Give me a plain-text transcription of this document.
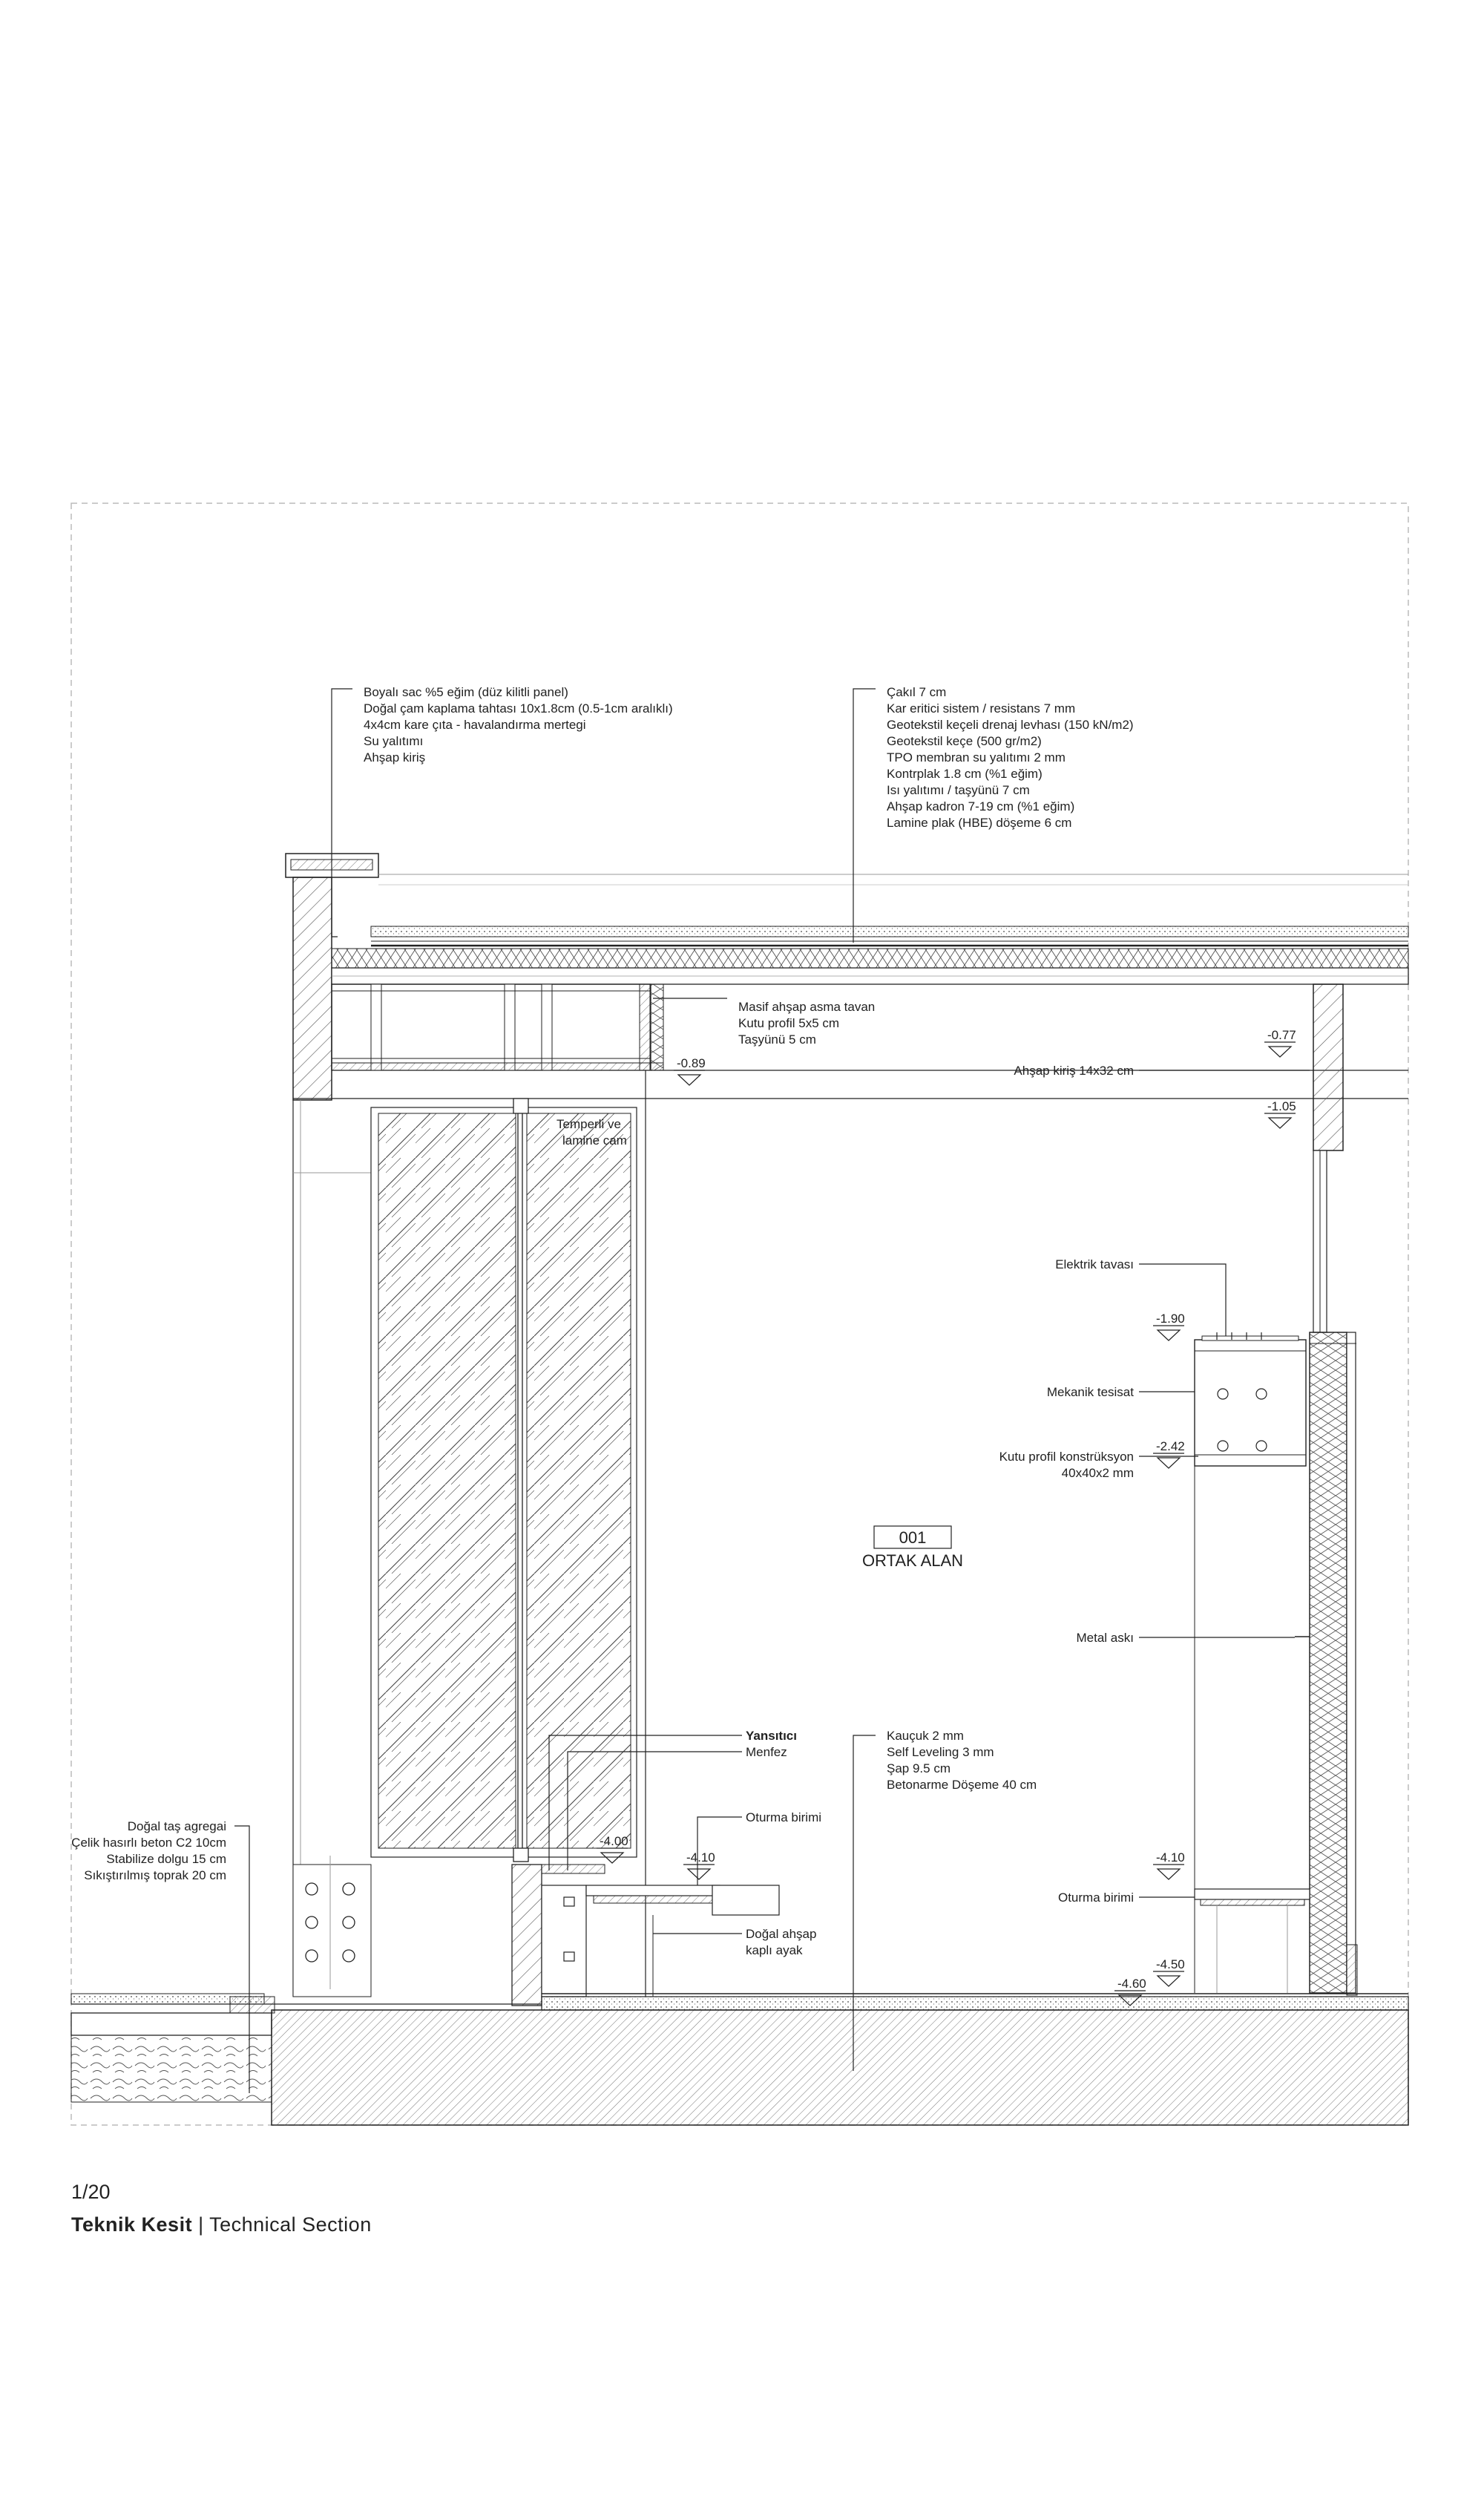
Boyalı sac %5 eğim (düz kilitli panel)
Doğal çam kaplama tahtası 10x1.8cm (0.5-1cm aralıklı)
4x4cm kare çıta - havalandırma mertegi
Su yalıtımı
Ahşap kiriş
Çakıl 7 cm
Kar eritici sistem / resistans 7 mm
Geotekstil keçeli drenaj levhası (150 kN/m2)
Geotekstil keçe (500 gr/m2)
TPO membran su yalıtımı 2 mm
Kontrplak 1.8 cm (%1 eğim)
Isı yalıtımı / taşyünü 7 cm
Ahşap kadron 7-19 cm (%1 eğim)
Lamine plak (HBE) döşeme 6 cm
Masif ahşap asma tavan
Kutu profil 5x5 cm
Taşyünü 5 cm
Ahşap kiriş 14x32 cm
Temperli ve
lamine cam
Elektrik tavası
Mekanik tesisat
Kutu profil konstrüksyon
40x40x2 mm
Metal askı
Yansıtıcı
Menfez
Kauçuk 2 mm
Self Leveling 3 mm
Şap 9.5 cm
Betonarme Döşeme 40 cm
Oturma birimi
Oturma birimi
Doğal ahşap
kaplı ayak
Doğal taş agregai
Çelik hasırlı beton C2 10cm
Stabilize dolgu 15 cm
Sıkıştırılmış toprak 20 cm
-0.89
-0.77
-1.05
-1.90
-2.42
-4.00
-4.10	-4.10
-4.50
-4.60
001
ORTAK ALAN
1/20
Teknik Kesit | Technical Section
